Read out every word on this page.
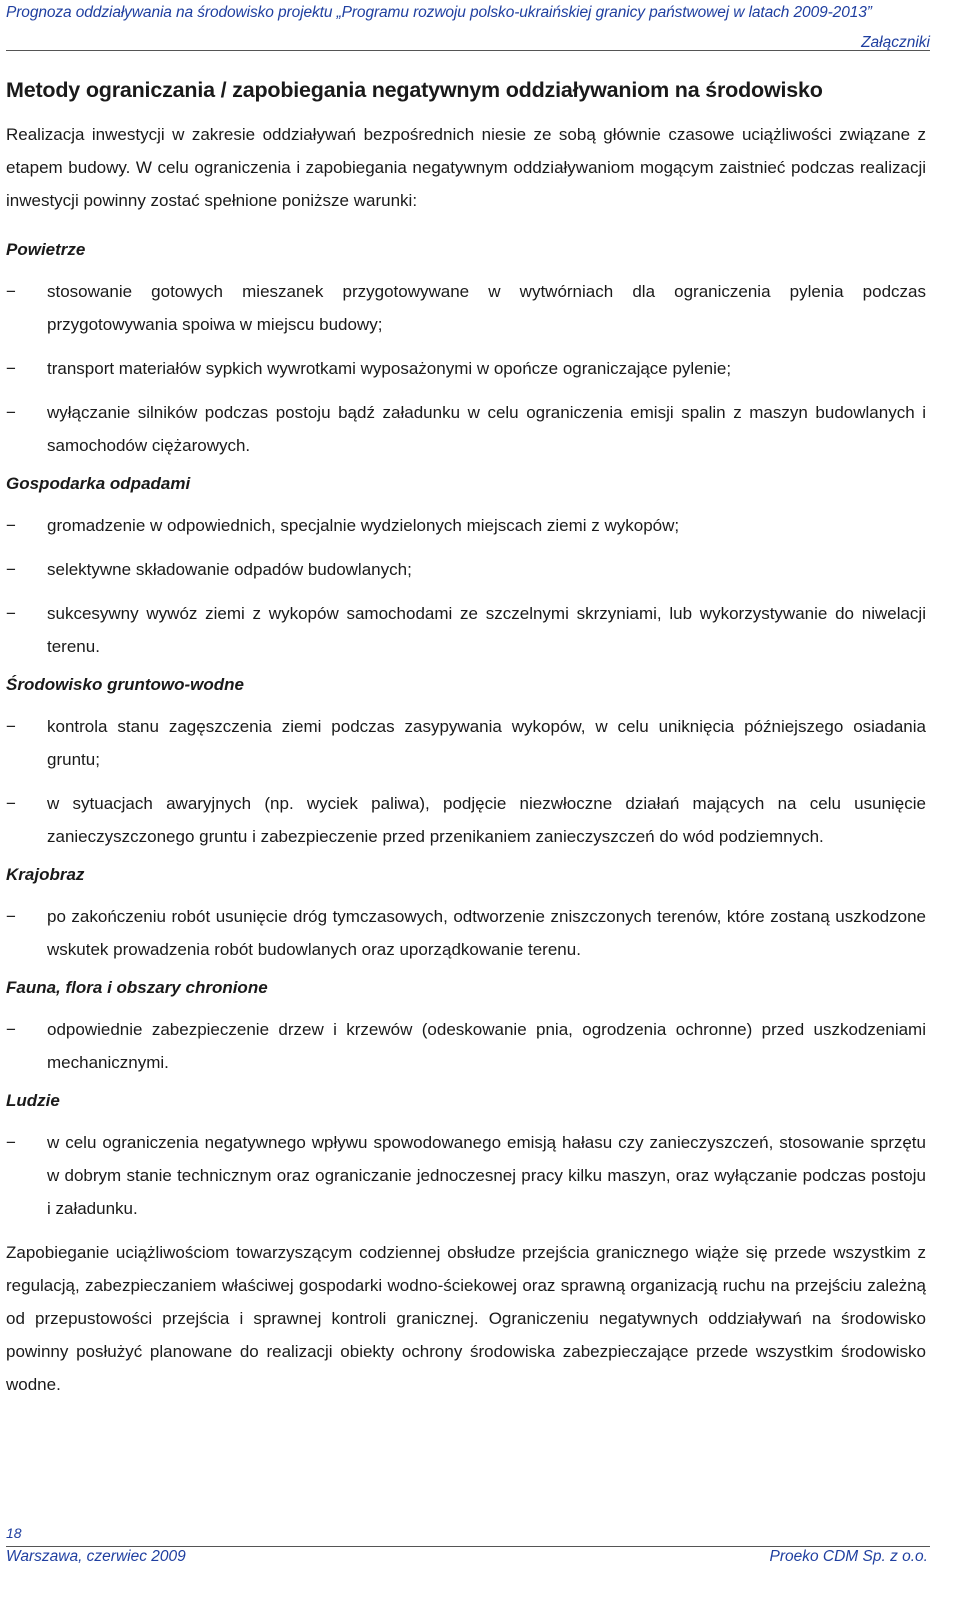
Prognoza oddziaływania na środowisko projektu „Programu rozwoju polsko-ukraińskiej granicy państwowej w latach 2009-2013”
Załączniki
Metody ograniczania / zapobiegania negatywnym oddziaływaniom na środowisko

Realizacja inwestycji w zakresie oddziaływań bezpośrednich niesie ze sobą głównie czasowe uciążliwości związane z etapem budowy. W celu ograniczenia i zapobiegania negatywnym oddziaływaniom mogącym zaistnieć podczas realizacji inwestycji powinny zostać spełnione poniższe warunki:

Powietrze
− stosowanie gotowych mieszanek przygotowywane w wytwórniach dla ograniczenia pylenia podczas przygotowywania spoiwa w miejscu budowy;
− transport materiałów sypkich wywrotkami wyposażonymi w opończe ograniczające pylenie;
− wyłączanie silników podczas postoju bądź załadunku w celu ograniczenia emisji spalin z maszyn budowlanych i samochodów ciężarowych.
Gospodarka odpadami
− gromadzenie w odpowiednich, specjalnie wydzielonych miejscach ziemi z wykopów;
− selektywne składowanie odpadów budowlanych;
− sukcesywny wywóz ziemi z wykopów samochodami ze szczelnymi skrzyniami, lub wykorzystywanie do niwelacji terenu.
Środowisko gruntowo-wodne
− kontrola stanu zagęszczenia ziemi podczas zasypywania wykopów, w celu uniknięcia późniejszego osiadania gruntu;
− w sytuacjach awaryjnych (np. wyciek paliwa), podjęcie niezwłoczne działań mających na celu usunięcie zanieczyszczonego gruntu i zabezpieczenie przed przenikaniem zanieczyszczeń do wód podziemnych.
Krajobraz
− po zakończeniu robót usunięcie dróg tymczasowych, odtworzenie zniszczonych terenów, które zostaną uszkodzone wskutek prowadzenia robót budowlanych oraz uporządkowanie terenu.
Fauna, flora i obszary chronione
− odpowiednie zabezpieczenie drzew i krzewów (odeskowanie pnia, ogrodzenia ochronne) przed uszkodzeniami mechanicznymi.
Ludzie
− w celu ograniczenia negatywnego wpływu spowodowanego emisją hałasu czy zanieczyszczeń, stosowanie sprzętu w dobrym stanie technicznym oraz ograniczanie jednoczesnej pracy kilku maszyn, oraz wyłączanie podczas postoju i załadunku.

Zapobieganie uciążliwościom towarzyszącym codziennej obsłudze przejścia granicznego wiąże się przede wszystkim z regulacją, zabezpieczaniem właściwej gospodarki wodno-ściekowej oraz sprawną organizacją ruchu na przejściu zależną od przepustowości przejścia i sprawnej kontroli granicznej. Ograniczeniu negatywnych oddziaływań na środowisko powinny posłużyć planowane do realizacji obiekty ochrony środowiska zabezpieczające przede wszystkim środowisko wodne.

18
Warszawa, czerwiec 2009	Proeko CDM Sp. z o.o.
